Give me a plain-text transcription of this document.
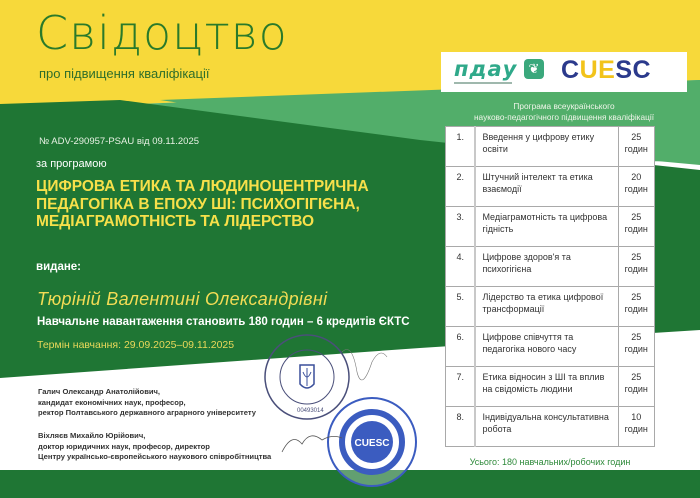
Свідоцтво
про підвищення кваліфікації
№ ADV-290957-PSAU від 09.11.2025
за програмою
ЦИФРОВА ЕТИКА ТА ЛЮДИНОЦЕНТРИЧНА ПЕДАГОГІКА В ЕПОХУ ШІ: ПСИХОГІГІЄНА, МЕДІАГРАМОТНІСТЬ ТА ЛІДЕРСТВО
видане:
Тюріній Валентині Олександрівні
Навчальне навантаження становить 180 годин – 6 кредитів ЄКТС
Термін навчання: 29.09.2025–09.11.2025
Галич Олександр Анатолійович,
кандидат економічних наук, професор,
ректор Полтавського державного аграрного університету
Віхляєв Михайло Юрійович,
доктор юридичних наук, професор, директор
Центру українсько-європейського наукового співробітництва
00493014
CUESC
пдау ❦ CUESC
Програма всеукраїнського
науково-педагогічного підвищення кваліфікації
1.	Введення у цифрову етику освіти	25
годин

2.	Штучний інтелект та етика взаємодії	20
годин

3.	Медіаграмотність та цифрова гідність	25
годин

4.	Цифрове здоров'я та психогігієна	25
годин

5.	Лідерство та етика цифрової трансформації	25
годин

6.	Цифрове співчуття та педагогіка нового часу	25
годин

7.	Етика відносин з ШІ та вплив на свідомість людини	25
годин

8.	Індивідуальна консультативна робота	10
годин
Усього: 180 навчальних/робочих годин
